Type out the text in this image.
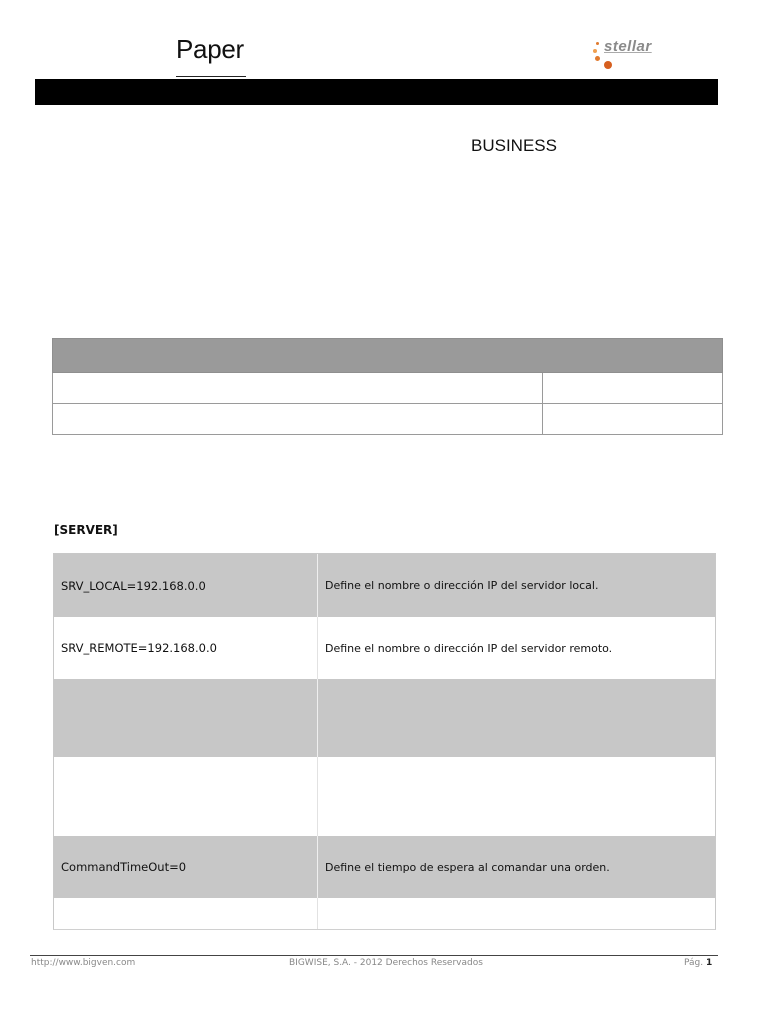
Paper	stellar
BUSINESS
[SERVER]
SRV_LOCAL=192.168.0.0	Define el nombre o dirección IP del servidor local.
SRV_REMOTE=192.168.0.0	Define el nombre o dirección IP del servidor remoto.
CommandTimeOut=0	Define el tiempo de espera al comandar una orden.
http://www.bigven.com	BIGWISE, S.A. - 2012 Derechos Reservados	Pág. 1
